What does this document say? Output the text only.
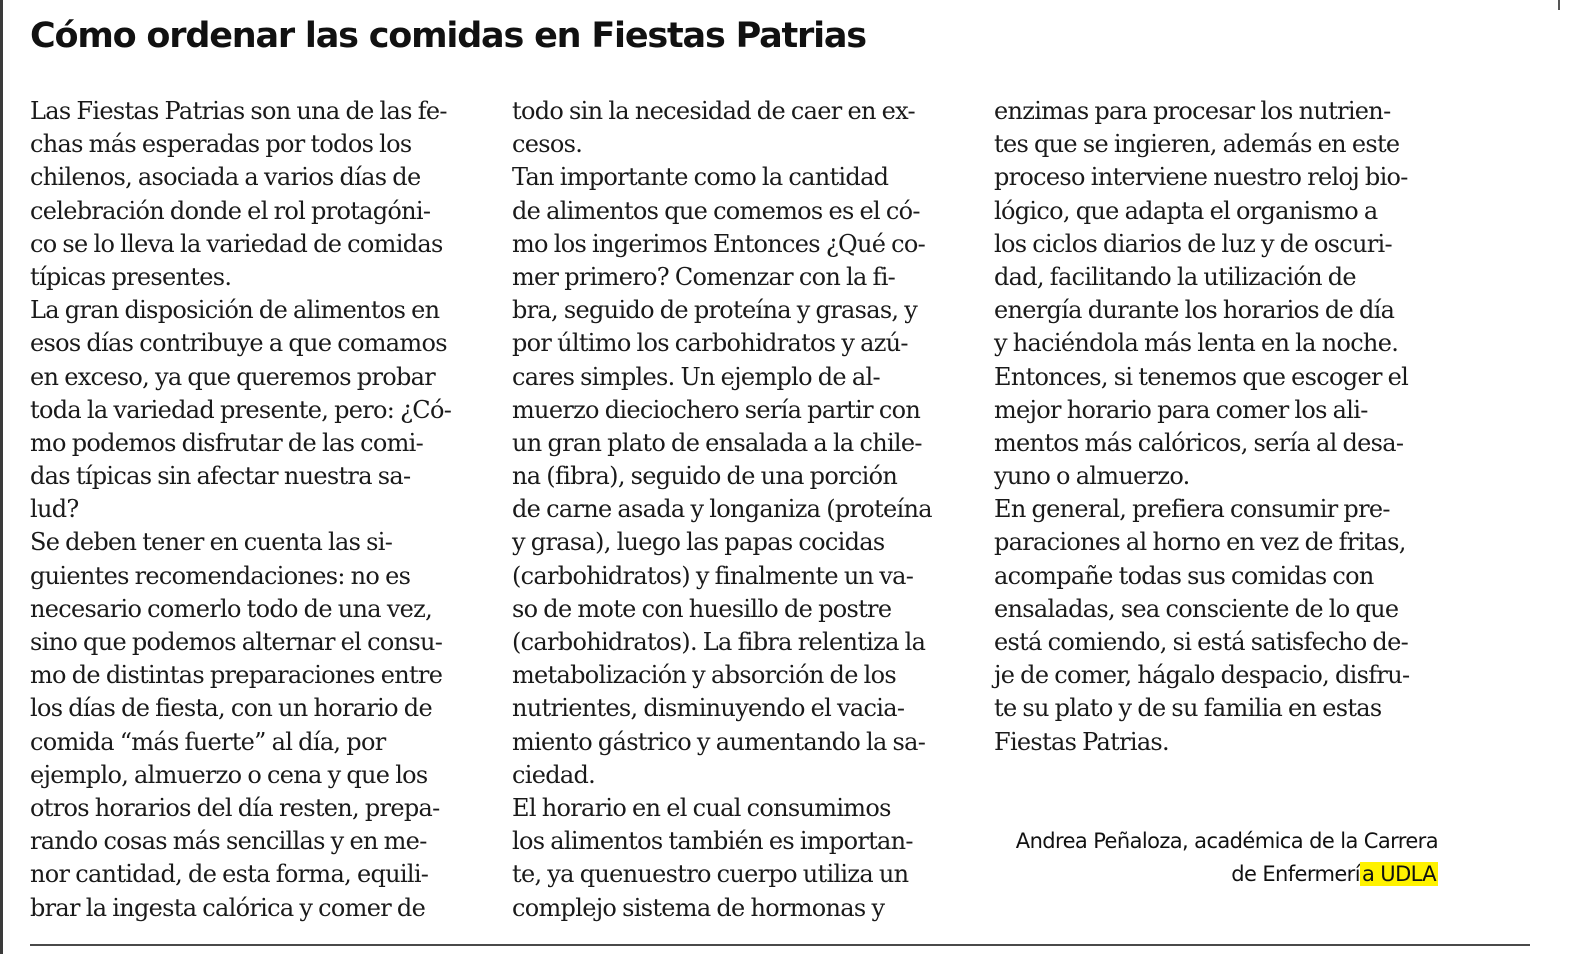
Cómo ordenar las comidas en Fiestas Patrias
Las Fiestas Patrias son una de las fe-
chas más esperadas por todos los
chilenos, asociada a varios días de
celebración donde el rol protagóni-
co se lo lleva la variedad de comidas
típicas presentes.
La gran disposición de alimentos en
esos días contribuye a que comamos
en exceso, ya que queremos probar
toda la variedad presente, pero: ¿Có-
mo podemos disfrutar de las comi-
das típicas sin afectar nuestra sa-
lud?
Se deben tener en cuenta las si-
guientes recomendaciones: no es
necesario comerlo todo de una vez,
sino que podemos alternar el consu-
mo de distintas preparaciones entre
los días de fiesta, con un horario de
comida “más fuerte” al día, por
ejemplo, almuerzo o cena y que los
otros horarios del día resten, prepa-
rando cosas más sencillas y en me-
nor cantidad, de esta forma, equili-
brar la ingesta calórica y comer de
todo sin la necesidad de caer en ex-
cesos.
Tan importante como la cantidad
de alimentos que comemos es el có-
mo los ingerimos Entonces ¿Qué co-
mer primero? Comenzar con la fi-
bra, seguido de proteína y grasas, y
por último los carbohidratos y azú-
cares simples. Un ejemplo de al-
muerzo dieciochero sería partir con
un gran plato de ensalada a la chile-
na (fibra), seguido de una porción
de carne asada y longaniza (proteína
y grasa), luego las papas cocidas
(carbohidratos) y finalmente un va-
so de mote con huesillo de postre
(carbohidratos). La fibra relentiza la
metabolización y absorción de los
nutrientes, disminuyendo el vacia-
miento gástrico y aumentando la sa-
ciedad.
El horario en el cual consumimos
los alimentos también es importan-
te, ya quenuestro cuerpo utiliza un
complejo sistema de hormonas y
enzimas para procesar los nutrien-
tes que se ingieren, además en este
proceso interviene nuestro reloj bio-
lógico, que adapta el organismo a
los ciclos diarios de luz y de oscuri-
dad, facilitando la utilización de
energía durante los horarios de día
y haciéndola más lenta en la noche.
Entonces, si tenemos que escoger el
mejor horario para comer los ali-
mentos más calóricos, sería al desa-
yuno o almuerzo.
En general, prefiera consumir pre-
paraciones al horno en vez de fritas,
acompañe todas sus comidas con
ensaladas, sea consciente de lo que
está comiendo, si está satisfecho de-
je de comer, hágalo despacio, disfru-
te su plato y de su familia en estas
Fiestas Patrias.
Andrea Peñaloza, académica de la Carrera
de Enfermería UDLA
